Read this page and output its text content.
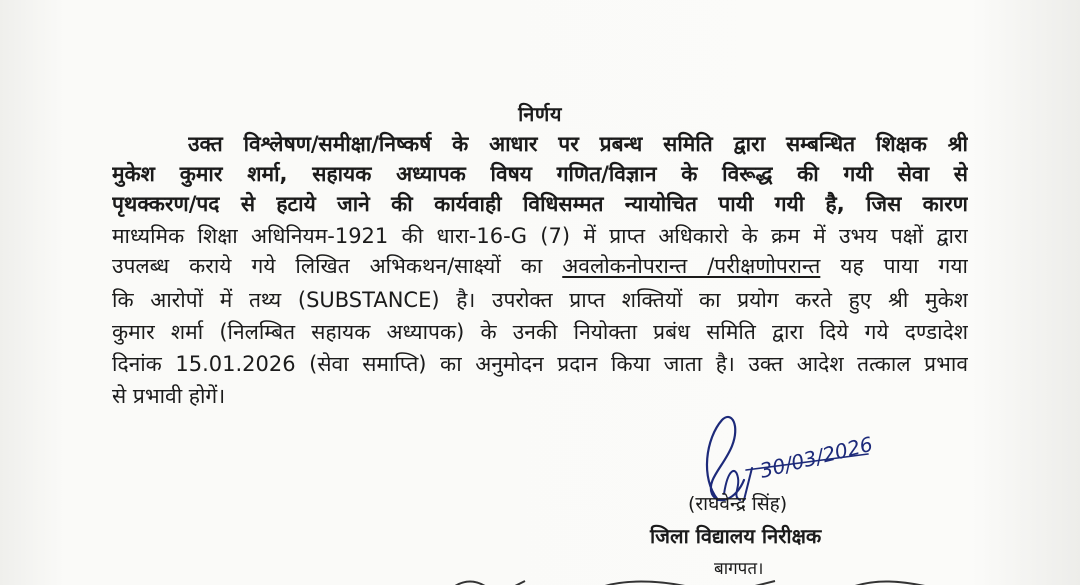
निर्णय
उक्त विश्लेषण/समीक्षा/निष्कर्ष के आधार पर प्रबन्ध समिति द्वारा सम्बन्धित शिक्षक श्री
मुकेश कुमार शर्मा, सहायक अध्यापक विषय गणित/विज्ञान के विरूद्ध की गयी सेवा से
पृथक्करण/पद से हटाये जाने की कार्यवाही विधिसम्मत न्यायोचित पायी गयी है, जिस कारण
माध्यमिक शिक्षा अधिनियम-1921 की धारा-16-G (7) में प्राप्त अधिकारो के क्रम में उभय पक्षों द्वारा
उपलब्ध कराये गये लिखित अभिकथन/साक्ष्यों का अवलोकनोपरान्त /परीक्षणोपरान्त यह पाया गया
कि आरोपों में तथ्य (SUBSTANCE) है। उपरोक्त प्राप्त शक्तियों का प्रयोग करते हुए श्री मुकेश
कुमार शर्मा (निलम्बित सहायक अध्यापक) के उनकी नियोक्ता प्रबंध समिति द्वारा दिये गये दण्डादेश
दिनांक 15.01.2026 (सेवा समाप्ति) का अनुमोदन प्रदान किया जाता है। उक्त आदेश तत्काल प्रभाव
से प्रभावी होगें।
30/03/2026
(राघवेन्द्र सिंह)
जिला विद्यालय निरीक्षक
बागपत।
